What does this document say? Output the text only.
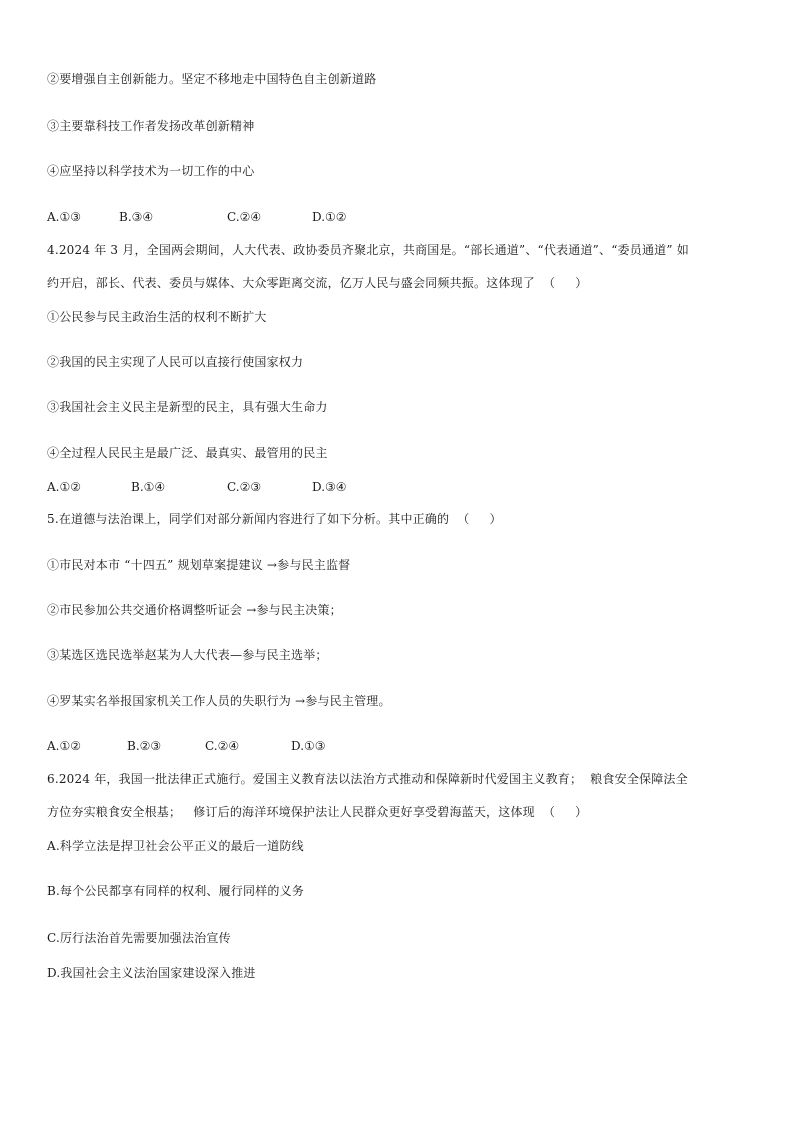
②要增强自主创新能力。坚定不移地走中国特色自主创新道路
③主要靠科技工作者发扬改革创新精神
④应坚持以科学技术为一切工作的中心
A.①③	B.③④	C.②④	D.①②
4.2024 年 3 月，全国两会期间，人大代表、政协委员齐聚北京，共商国是。“部长通道”、“代表通道”、“委员通道” 如
约开启，部长、代表、委员与媒体、大众零距离交流，亿万人民与盛会同频共振。这体现了  （     ）
①公民参与民主政治生活的权利不断扩大
②我国的民主实现了人民可以直接行使国家权力
③我国社会主义民主是新型的民主，具有强大生命力
④全过程人民民主是最广泛、最真实、最管用的民主
A.①②	B.①④	C.②③	D.③④
5.在道德与法治课上，同学们对部分新闻内容进行了如下分析。其中正确的  （     ）
①市民对本市 “十四五” 规划草案提建议 →参与民主监督
②市民参加公共交通价格调整听证会 →参与民主决策；
③某选区选民选举赵某为人大代表—参与民主选举；
④罗某实名举报国家机关工作人员的失职行为 →参与民主管理。
A.①②	B.②③	C.②④	D.①③
6.2024 年，我国一批法律正式施行。爱国主义教育法以法治方式推动和保障新时代爱国主义教育；  粮食安全保障法全
方位夯实粮食安全根基；   修订后的海洋环境保护法让人民群众更好享受碧海蓝天，这体现  （     ）
A.科学立法是捍卫社会公平正义的最后一道防线
B.每个公民都享有同样的权利、履行同样的义务
C.厉行法治首先需要加强法治宣传
D.我国社会主义法治国家建设深入推进
